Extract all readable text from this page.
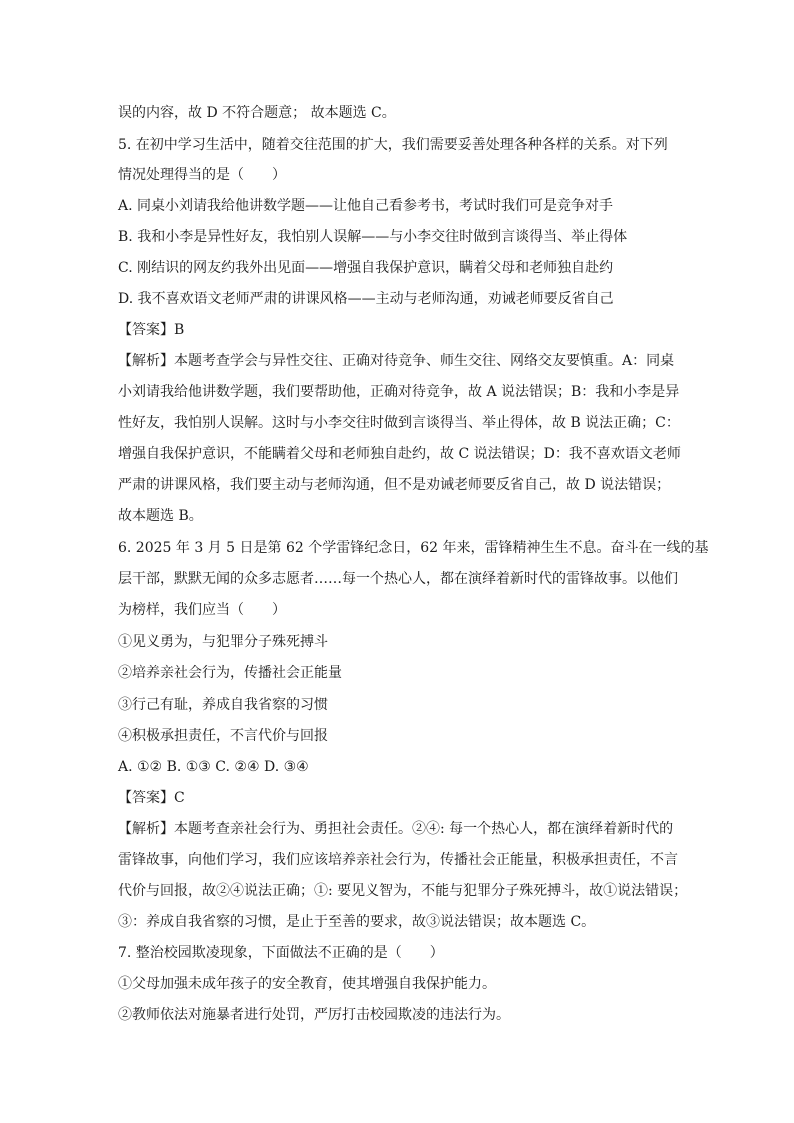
误的内容，故 D 不符合题意； 故本题选 C。
5. 在初中学习生活中，随着交往范围的扩大，我们需要妥善处理各种各样的关系。对下列
情况处理得当的是（　　）
A. 同桌小刘请我给他讲数学题——让他自己看参考书，考试时我们可是竞争对手
B. 我和小李是异性好友，我怕别人误解——与小李交往时做到言谈得当、举止得体
C. 刚结识的网友约我外出见面——增强自我保护意识，瞒着父母和老师独自赴约
D. 我不喜欢语文老师严肃的讲课风格——主动与老师沟通，劝诫老师要反省自己
【答案】B
【解析】本题考查学会与异性交往、正确对待竞争、师生交往、网络交友要慎重。A：同桌
小刘请我给他讲数学题，我们要帮助他，正确对待竞争，故 A 说法错误；B：我和小李是异
性好友，我怕别人误解。这时与小李交往时做到言谈得当、举止得体，故 B 说法正确；C：
增强自我保护意识，不能瞒着父母和老师独自赴约，故 C 说法错误；D：我不喜欢语文老师
严肃的讲课风格，我们要主动与老师沟通，但不是劝诫老师要反省自己，故 D 说法错误；
故本题选 B。
6. 2025 年 3 月 5 日是第 62 个学雷锋纪念日，62 年来，雷锋精神生生不息。奋斗在一线的基
层干部，默默无闻的众多志愿者……每一个热心人，都在演绎着新时代的雷锋故事。以他们
为榜样，我们应当（　　）
①见义勇为，与犯罪分子殊死搏斗
②培养亲社会行为，传播社会正能量
③行己有耻，养成自我省察的习惯
④积极承担责任，不言代价与回报
A. ①② B. ①③ C. ②④ D. ③④
【答案】C
【解析】本题考查亲社会行为、勇担社会责任。②④: 每一个热心人，都在演绎着新时代的
雷锋故事，向他们学习，我们应该培养亲社会行为，传播社会正能量，积极承担责任，不言
代价与回报，故②④说法正确；①: 要见义智为，不能与犯罪分子殊死搏斗，故①说法错误；
③：养成自我省察的习惯，是止于至善的要求，故③说法错误；故本题选 C。
7. 整治校园欺凌现象，下面做法不正确的是（　　）
①父母加强未成年孩子的安全教育，使其增强自我保护能力。
②教师依法对施暴者进行处罚，严厉打击校园欺凌的违法行为。
